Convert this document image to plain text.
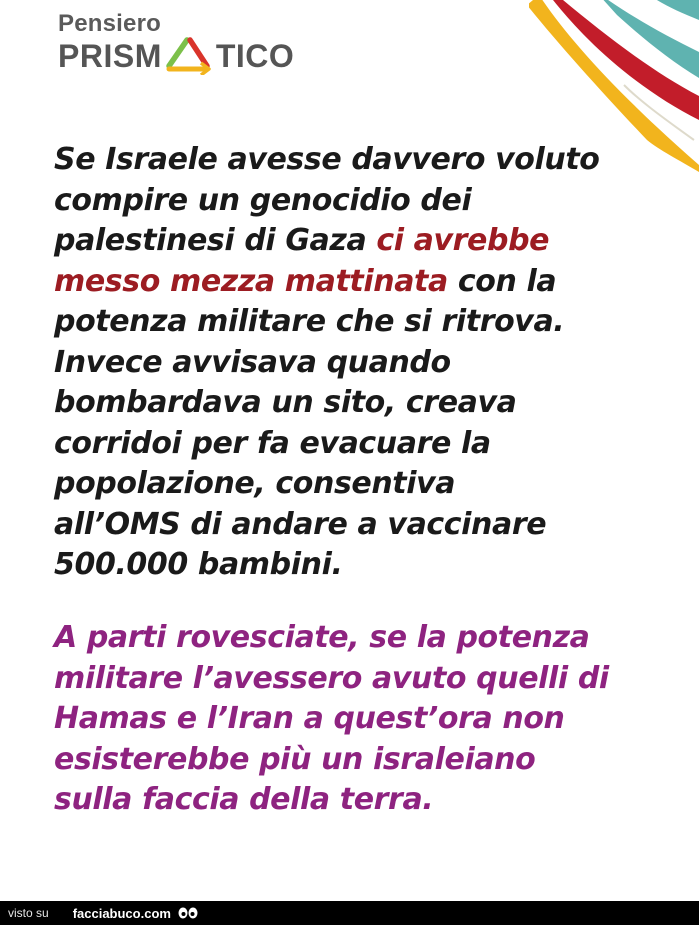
Pensiero
PRISM TICO

Se Israele avesse davvero voluto
compire un genocidio dei
palestinesi di Gaza ci avrebbe
messo mezza mattinata con la
potenza militare che si ritrova.
Invece avvisava quando
bombardava un sito, creava
corridoi per fa evacuare la
popolazione, consentiva
all’OMS di andare a vaccinare
500.000 bambini.

A parti rovesciate, se la potenza
militare l’avessero avuto quelli di
Hamas e l’Iran a quest’ora non
esisterebbe più un israleiano
sulla faccia della terra.

visto su facciabuco.com
